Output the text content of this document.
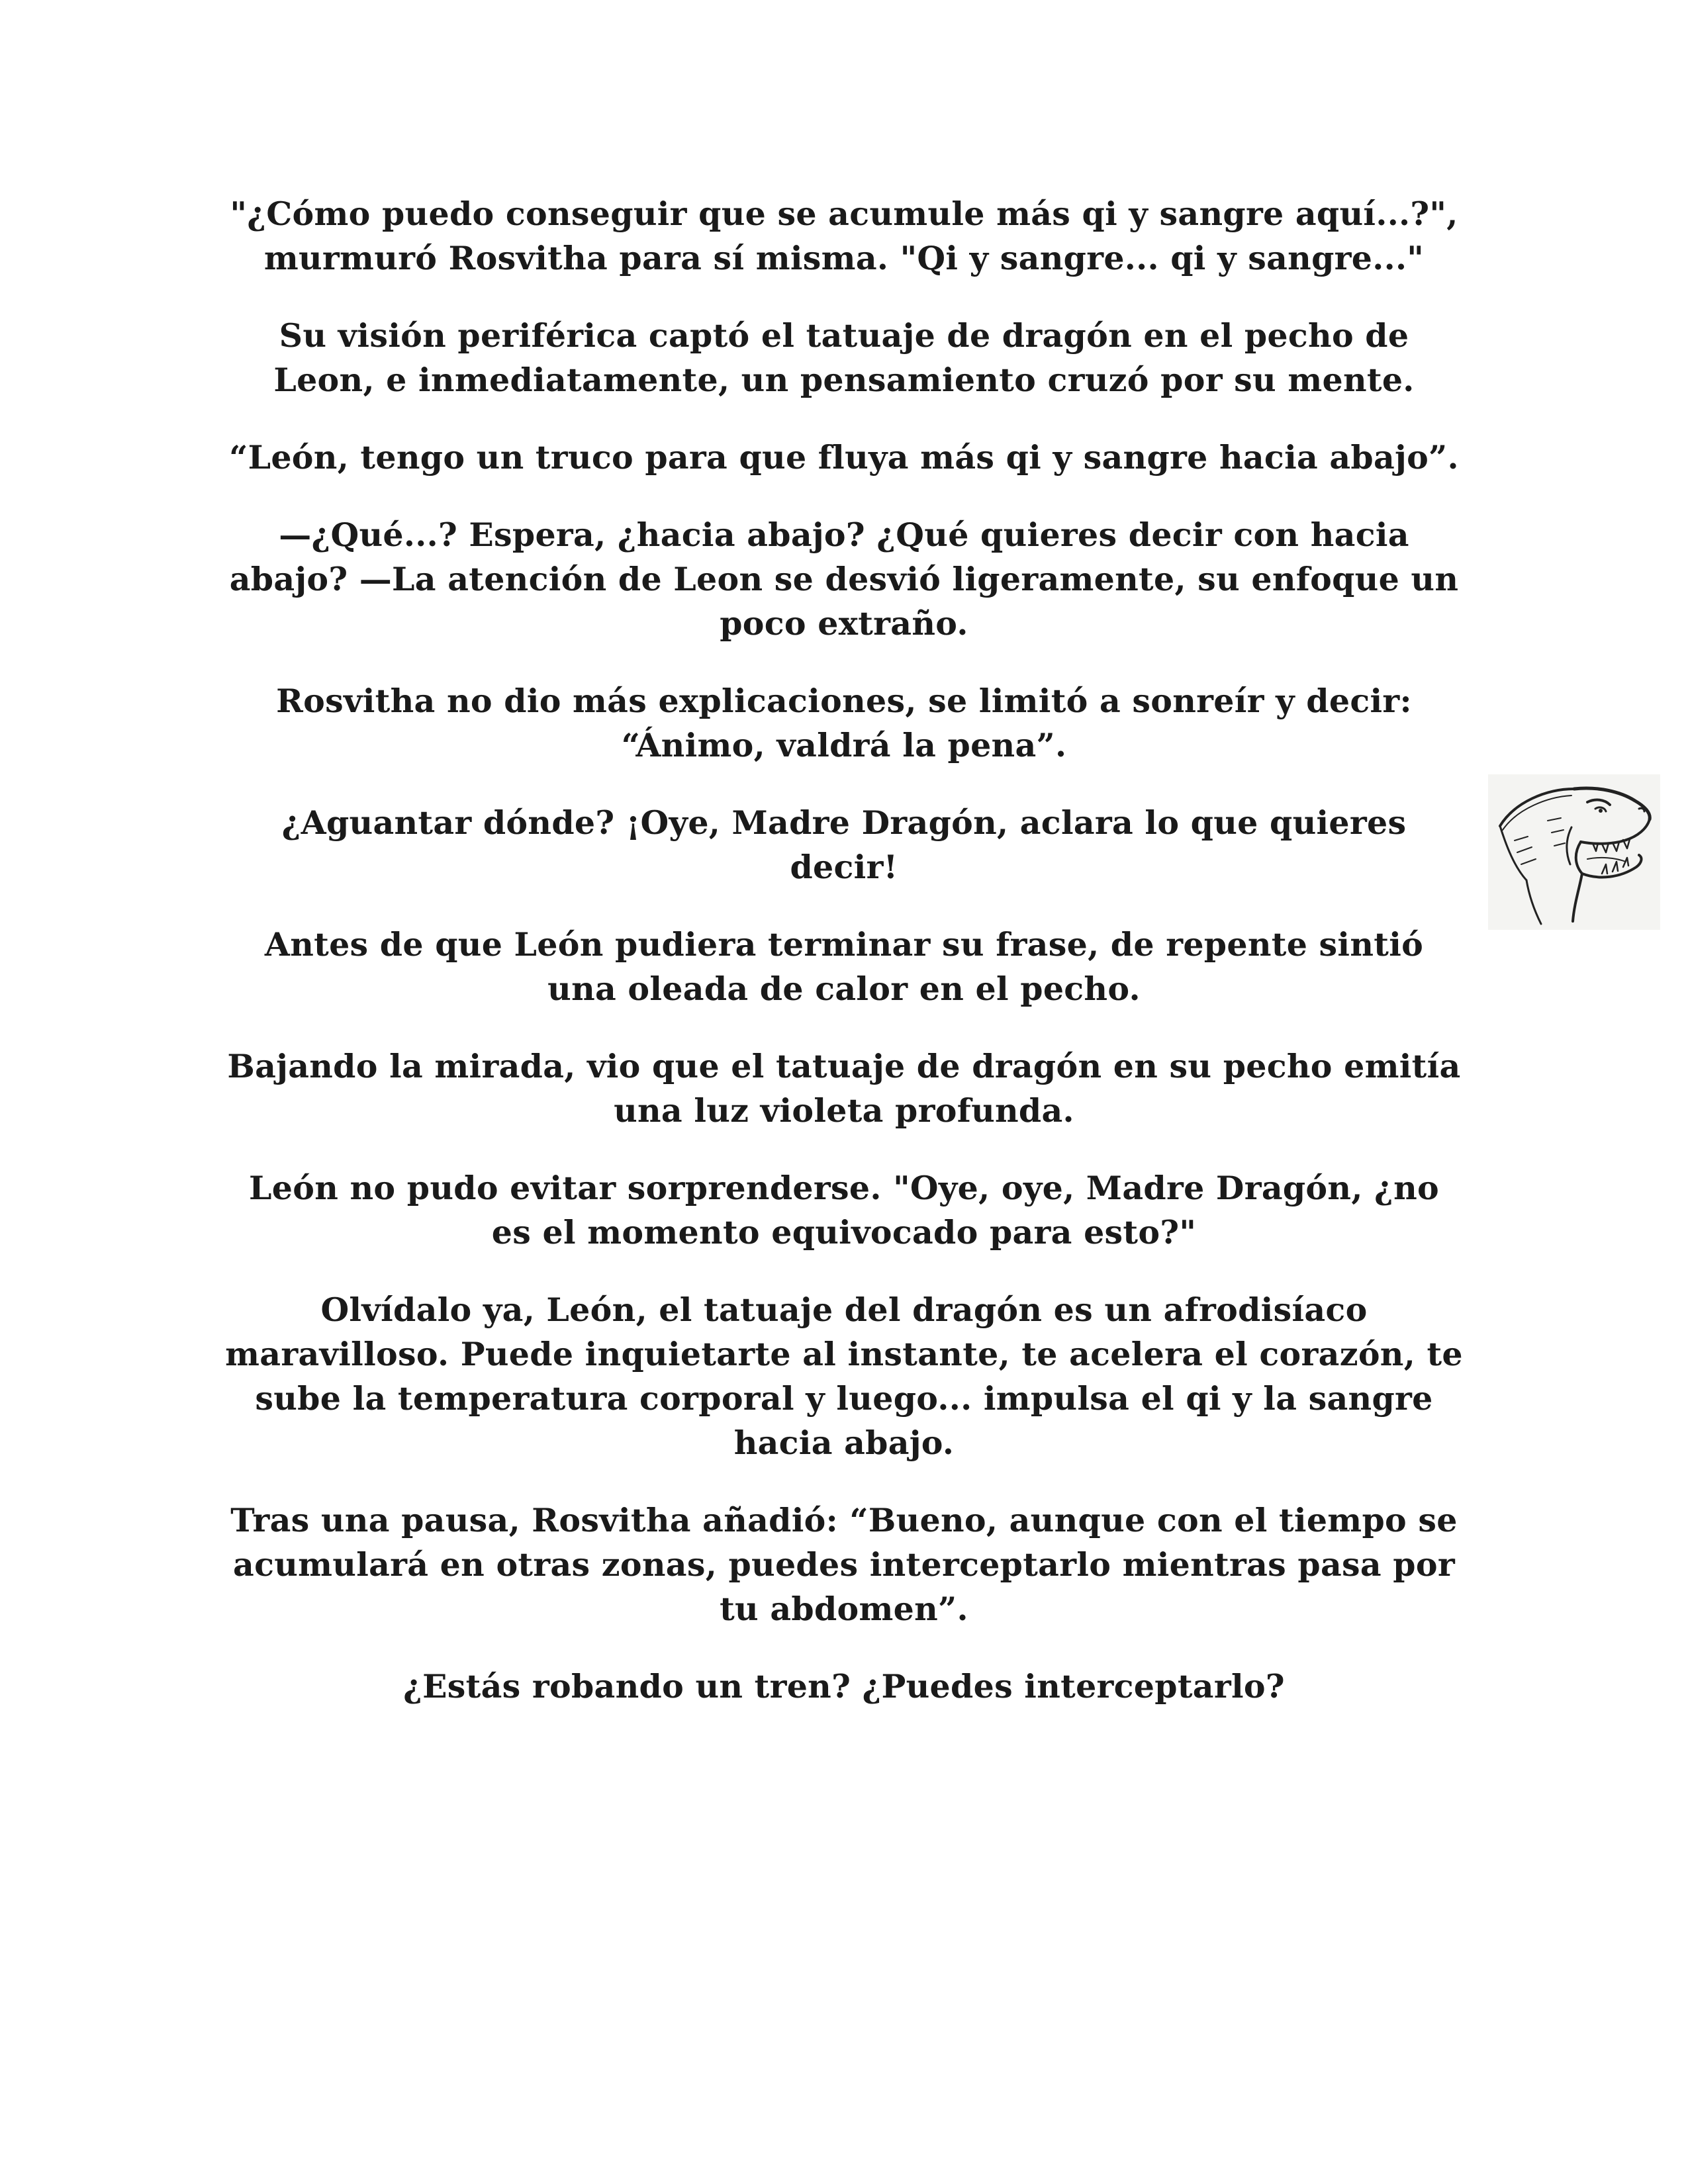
"¿Cómo puedo conseguir que se acumule más qi y sangre aquí...?", murmuró Rosvitha para sí misma. "Qi y sangre... qi y sangre..."

Su visión periférica captó el tatuaje de dragón en el pecho de Leon, e inmediatamente, un pensamiento cruzó por su mente.

“León, tengo un truco para que fluya más qi y sangre hacia abajo”.

—¿Qué...? Espera, ¿hacia abajo? ¿Qué quieres decir con hacia abajo? —La atención de Leon se desvió ligeramente, su enfoque un poco extraño.

Rosvitha no dio más explicaciones, se limitó a sonreír y decir: “Ánimo, valdrá la pena”.

¿Aguantar dónde? ¡Oye, Madre Dragón, aclara lo que quieres decir!

Antes de que León pudiera terminar su frase, de repente sintió una oleada de calor en el pecho.

Bajando la mirada, vio que el tatuaje de dragón en su pecho emitía una luz violeta profunda.

León no pudo evitar sorprenderse. "Oye, oye, Madre Dragón, ¿no es el momento equivocado para esto?"

Olvídalo ya, León, el tatuaje del dragón es un afrodisíaco maravilloso. Puede inquietarte al instante, te acelera el corazón, te sube la temperatura corporal y luego... impulsa el qi y la sangre hacia abajo.

Tras una pausa, Rosvitha añadió: “Bueno, aunque con el tiempo se acumulará en otras zonas, puedes interceptarlo mientras pasa por tu abdomen”.

¿Estás robando un tren? ¿Puedes interceptarlo?
